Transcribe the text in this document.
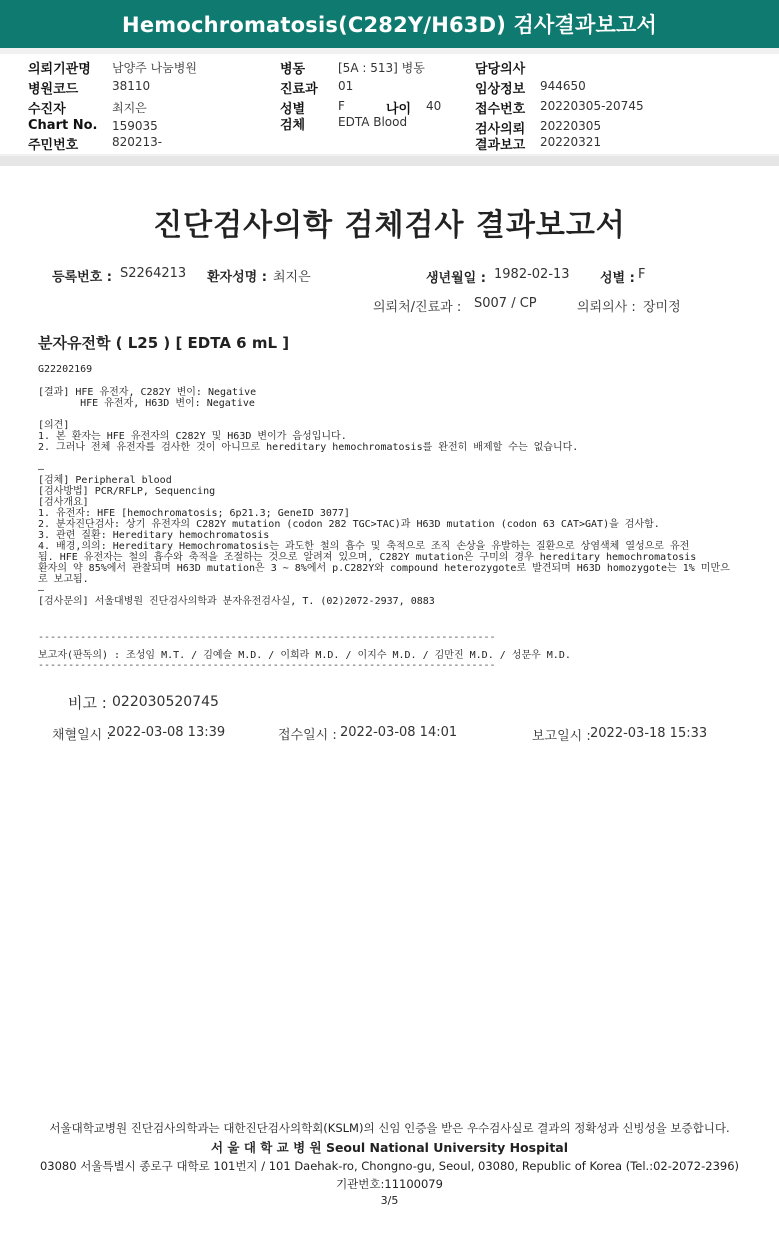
Hemochromatosis(C282Y/H63D) 검사결과보고서
의뢰기관명 남양주 나눔병원
병원코드	38110
수진자	최지은
Chart No. 159035
주민번호	820213-
병동	[5A : 513] 병동
진료과 01
성별	F	나이 40
검체	EDTA Blood
담당의사
임상정보 944650
접수번호 20220305-20745
검사의뢰 20220305
결과보고 20220321
진단검사의학 검체검사 결과보고서
등록번호 : S2264213 환자성명 : 최지은	생년월일 : 1982-02-13 성별 : F
의뢰처/진료과 : S007 / CP	의뢰의사 : 장미정
분자유전학 ( L25 ) [ EDTA 6 mL ]
G22202169
[결과] HFE 유전자, C282Y 변이: Negative
HFE 유전자, H63D 변이: Negative
[의견]
1. 본 환자는 HFE 유전자의 C282Y 및 H63D 변이가 음성입니다.
2. 그러나 전체 유전자를 검사한 것이 아니므로 hereditary hemochromatosis를 완전히 배제할 수는 없습니다.
—
[검체] Peripheral blood
[검사방법] PCR/RFLP, Sequencing
[검사개요]
1. 유전자: HFE [hemochromatosis; 6p21.3; GeneID 3077]
2. 분자진단검사: 상기 유전자의 C282Y mutation (codon 282 TGC>TAC)과 H63D mutation (codon 63 CAT>GAT)을 검사함.
3. 관련 질환: Hereditary hemochromatosis
4. 배경,의의: Hereditary Hemochromatosis는 과도한 철의 흡수 및 축적으로 조직 손상을 유발하는 질환으로 상염색체 열성으로 유전
됨. HFE 유전자는 철의 흡수와 축적을 조절하는 것으로 알려져 있으며, C282Y mutation은 구미의 경우 hereditary hemochromatosis
환자의 약 85%에서 관찰되며 H63D mutation은 3 ~ 8%에서 p.C282Y와 compound heterozygote로 발견되며 H63D homozygote는 1% 미만으
로 보고됨.
—
[검사문의] 서울대병원 진단검사의학과 분자유전검사실, T. (02)2072-2937, 0883
----------------------------------------------------------------------------
보고자(판독의) : 조성임 M.T. / 김예슬 M.D. / 이희라 M.D. / 이지수 M.D. / 김만진 M.D. / 성문우 M.D.
----------------------------------------------------------------------------
비고 : 022030520745
채혈일시 :
2022-03-08 13:39	접수일시 : 2022-03-08 14:01	보고일시 : 2022-03-18 15:33
서울대학교병원 진단검사의학과는 대한진단검사의학회(KSLM)의 신임 인증을 받은 우수검사실로 결과의 정확성과 신빙성을 보증합니다.
서 울 대 학 교 병 원 Seoul National University Hospital
03080 서울특별시 종로구 대학로 101번지 / 101 Daehak-ro, Chongno-gu, Seoul, 03080, Republic of Korea (Tel.:02-2072-2396)
기관번호:11100079
3/5
